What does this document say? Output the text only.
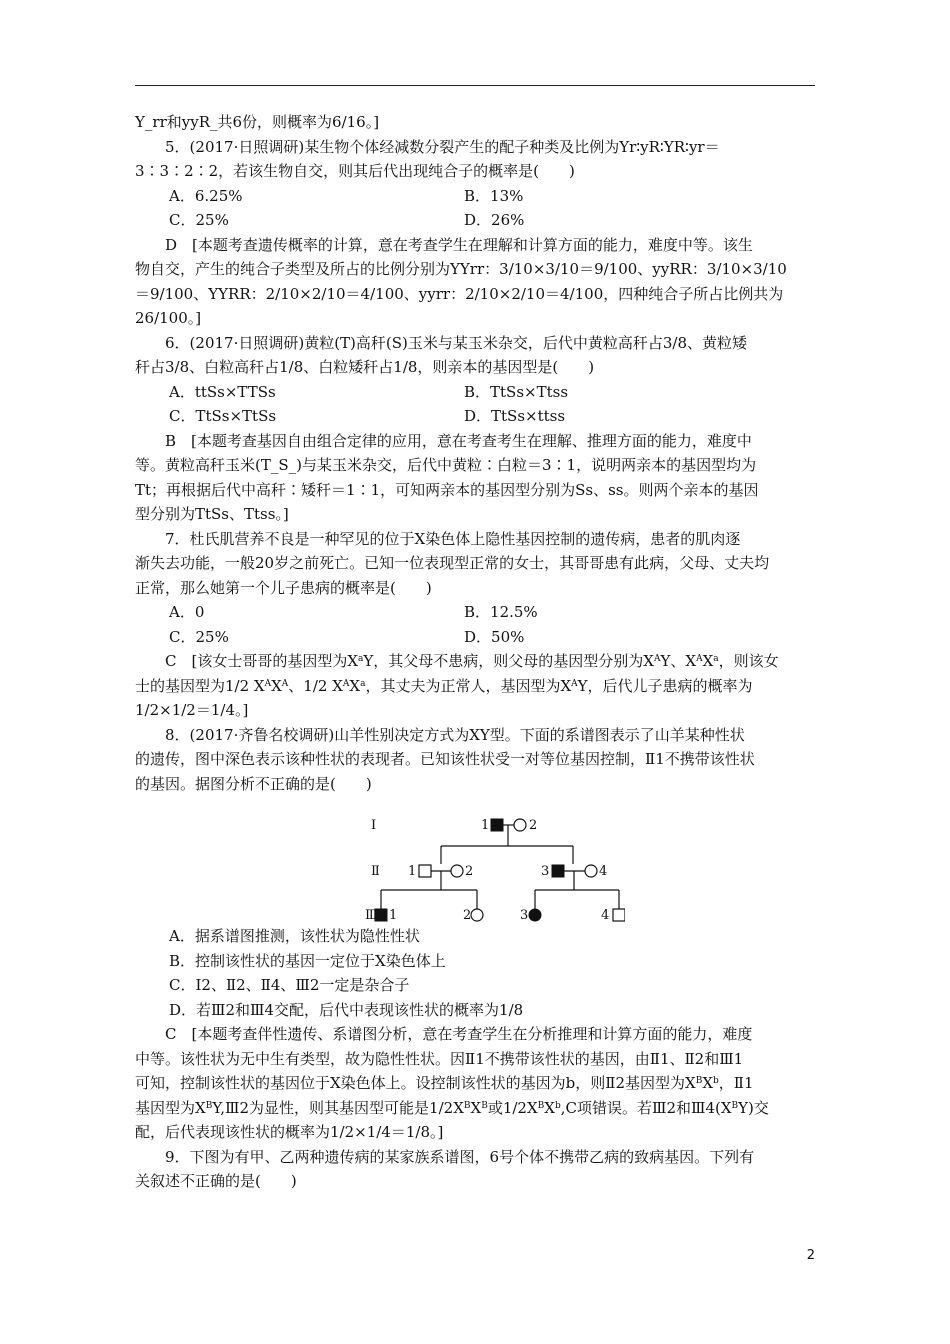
Y_rr和yyR_共6份，则概率为6/16。]
5．(2017·日照调研)某生物个体经减数分裂产生的配子种类及比例为Yr∶yR∶YR∶yr＝
3∶3∶2∶2，若该生物自交，则其后代出现纯合子的概率是(　　)
A．6.25%	B．13%
C．25%	D．26%
D　[本题考查遗传概率的计算，意在考查学生在理解和计算方面的能力，难度中等。该生
物自交，产生的纯合子类型及所占的比例分别为YYrr：3/10×3/10＝9/100、yyRR：3/10×3/10
＝9/100、YYRR：2/10×2/10＝4/100、yyrr：2/10×2/10＝4/100，四种纯合子所占比例共为
26/100。]
6．(2017·日照调研)黄粒(T)高秆(S)玉米与某玉米杂交，后代中黄粒高秆占3/8、黄粒矮
秆占3/8、白粒高秆占1/8、白粒矮秆占1/8，则亲本的基因型是(　　)
A．ttSs×TTSs	B．TtSs×Ttss
C．TtSs×TtSs	D．TtSs×ttss
B　[本题考查基因自由组合定律的应用，意在考查考生在理解、推理方面的能力，难度中
等。黄粒高秆玉米(T_S_)与某玉米杂交，后代中黄粒∶白粒＝3∶1，说明两亲本的基因型均为
Tt；再根据后代中高秆∶矮秆＝1∶1，可知两亲本的基因型分别为Ss、ss。则两个亲本的基因
型分别为TtSs、Ttss。]
7．杜氏肌营养不良是一种罕见的位于X染色体上隐性基因控制的遗传病，患者的肌肉逐
渐失去功能，一般20岁之前死亡。已知一位表现型正常的女士，其哥哥患有此病，父母、丈夫均
正常，那么她第一个儿子患病的概率是(　　)
A．0	B．12.5%
C．25%	D．50%
C　[该女士哥哥的基因型为$X^aY$，其父母不患病，则父母的基因型分别为$X^AY$、$X^AX^a$，则该女
士的基因型为1/2 $X^AX^A$、1/2 $X^AX^a$，其丈夫为正常人，基因型为$X^AY$，后代儿子患病的概率为
1/2×1/2＝1/4。]
8．(2017·齐鲁名校调研)山羊性别决定方式为XY型。下面的系谱图表示了山羊某种性状
的遗传，图中深色表示该种性状的表现者。已知该性状受一对等位基因控制，Ⅱ1不携带该性状
的基因。据图分析不正确的是(　　)
Ⅰ
Ⅱ
Ⅲ
1	2
1	2	3	4
1	2	3	4
A．据系谱图推测，该性状为隐性性状
B．控制该性状的基因一定位于X染色体上
C．Ⅰ2、Ⅱ2、Ⅱ4、Ⅲ2一定是杂合子
D．若Ⅲ2和Ⅲ4交配，后代中表现该性状的概率为1/8
C　[本题考查伴性遗传、系谱图分析，意在考查学生在分析推理和计算方面的能力，难度
中等。该性状为无中生有类型，故为隐性性状。因Ⅱ1不携带该性状的基因，由Ⅱ1、Ⅱ2和Ⅲ1
可知，控制该性状的基因位于X染色体上。设控制该性状的基因为b，则Ⅱ2基因型为$X^BX^b$，Ⅱ1
基因型为$X^BY,Ⅲ2$为显性，则其基因型可能是$1/2X^BX^B$或$1/2X^BX^b,C$项错误。若Ⅲ2和$Ⅲ4(X^BY)$交
配，后代表现该性状的概率为1/2×1/4＝1/8。]
9．下图为有甲、乙两种遗传病的某家族系谱图，6号个体不携带乙病的致病基因。下列有
关叙述不正确的是(　　)
2
